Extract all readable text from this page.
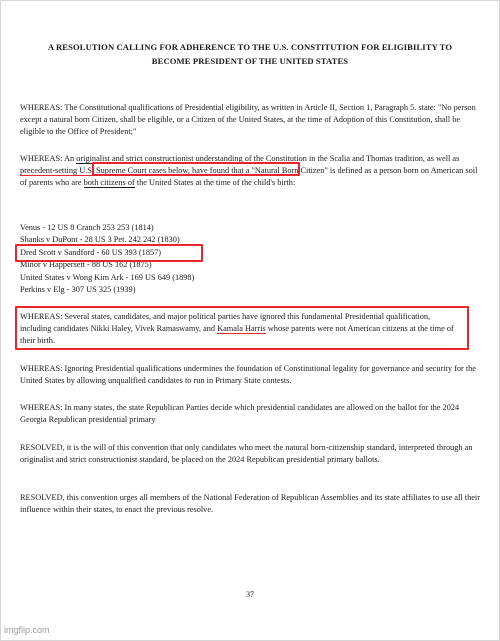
A RESOLUTION CALLING FOR ADHERENCE TO THE U.S. CONSTITUTION FOR ELIGIBILITY TO
BECOME PRESIDENT OF THE UNITED STATES

WHEREAS: The Constitutional qualifications of Presidential eligibility, as written in Article II, Section 1, Paragraph 5. state: "No person except a natural born Citizen, shall be eligible, or a Citizen of the United States, at the time of Adoption of this Constitution, shall be eligible to the Office of President;"

WHEREAS: An originalist and strict constructionist understanding of the Constitution in the Scalia and Thomas tradition, as well as precedent-setting U.S. Supreme Court cases below, have found that a "Natural Born Citizen" is defined as a person born on American soil of parents who are both citizens of the United States at the time of the child's birth:

Venus - 12 US 8 Cranch 253 253 (1814)
Shanks v DuPont - 28 US 3 Pet. 242 242 (1830)
Dred Scott v Sandford - 60 US 393 (1857)
Minor v Happersett - 88 US 162 (1875)
United States v Wong Kim Ark - 169 US 649 (1898)
Perkins v Elg - 307 US 325 (1939)

WHEREAS: Several states, candidates, and major political parties have ignored this fundamental Presidential qualification, including candidates Nikki Haley, Vivek Ramaswamy, and Kamala Harris whose parents were not American citizens at the time of their birth.

WHEREAS: Ignoring Presidential qualifications undermines the foundation of Constitutional legality for governance and security for the United States by allowing unqualified candidates to run in Primary State contests.

WHEREAS: In many states, the state Republican Parties decide which presidential candidates are allowed on the ballot for the 2024 Georgia Republican presidential primary

RESOLVED, it is the will of this convention that only candidates who meet the natural born-citizenship standard, interpreted through an originalist and strict constructionist standard, be placed on the 2024 Republican presidential primary ballots.

RESOLVED, this convention urges all members of the National Federation of Republican Assemblies and its state affiliates to use all their influence within their states, to enact the previous resolve.

37
imgflip.com
